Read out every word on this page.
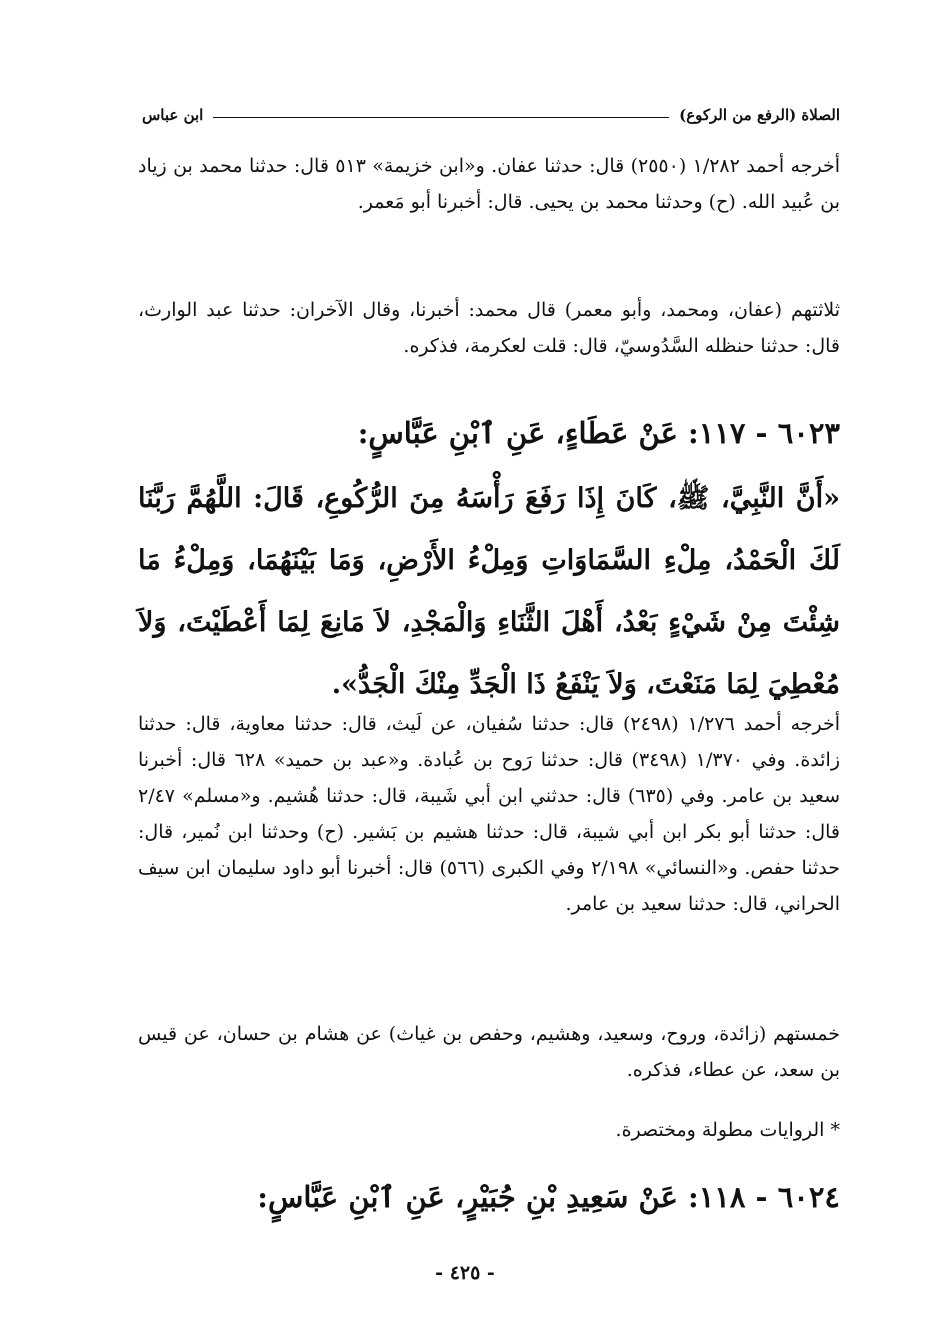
الصلاة (الرفع من الركوع)
ابن عباس
أخرجه أحمد ١/٢٨٢ (٢٥٥٠) قال: حدثنا عفان. و«ابن خزيمة» ٥١٣ قال: حدثنا محمد بن زياد بن عُبيد الله. (ح) وحدثنا محمد بن يحيى. قال: أخبرنا أبو مَعمر.
ثلاثتهم (عفان، ومحمد، وأبو معمر) قال محمد: أخبرنا، وقال الآخران: حدثنا عبد الوارث، قال: حدثنا حنظله السَّدُوسيّ، قال: قلت لعكرمة، فذكره.
٦٠٢٣ - ١١٧: عَنْ عَطَاءٍ، عَنِ ٱبْنِ عَبَّاسٍ:
«أَنَّ النَّبِيَّ، ﷺ، كَانَ إِذَا رَفَعَ رَأْسَهُ مِنَ الرُّكُوعِ، قَالَ: اللَّهُمَّ رَبَّنَا لَكَ الْحَمْدُ، مِلْءِ السَّمَاوَاتِ وَمِلْءُ الأَرْضِ، وَمَا بَيْنَهُمَا، وَمِلْءُ مَا شِئْتَ مِنْ شَيْءٍ بَعْدُ، أَهْلَ الثَّنَاءِ وَالْمَجْدِ، لاَ مَانِعَ لِمَا أَعْطَيْتَ، وَلاَ مُعْطِيَ لِمَا مَنَعْتَ، وَلاَ يَنْفَعُ ذَا الْجَدِّ مِنْكَ الْجَدُّ».
أخرجه أحمد ١/٢٧٦ (٢٤٩٨) قال: حدثنا سُفيان، عن لَيث، قال: حدثنا معاوية، قال: حدثنا زائدة. وفي ١/٣٧٠ (٣٤٩٨) قال: حدثنا رَوح بن عُبادة. و«عبد بن حميد» ٦٢٨ قال: أخبرنا سعيد بن عامر. وفي (٦٣٥) قال: حدثني ابن أبي شَيبة، قال: حدثنا هُشيم. و«مسلم» ٢/٤٧ قال: حدثنا أبو بكر ابن أبي شيبة، قال: حدثنا هشيم بن بَشير. (ح) وحدثنا ابن نُمير، قال: حدثنا حفص. و«النسائي» ٢/١٩٨ وفي الكبرى (٥٦٦) قال: أخبرنا أبو داود سليمان ابن سيف الحراني، قال: حدثنا سعيد بن عامر.
خمستهم (زائدة، وروح، وسعيد، وهشيم، وحفص بن غياث) عن هشام بن حسان، عن قيس بن سعد، عن عطاء، فذكره.
* الروايات مطولة ومختصرة.
٦٠٢٤ - ١١٨: عَنْ سَعِيدِ بْنِ جُبَيْرٍ، عَنِ ٱبْنِ عَبَّاسٍ:
- ٤٢٥ -
